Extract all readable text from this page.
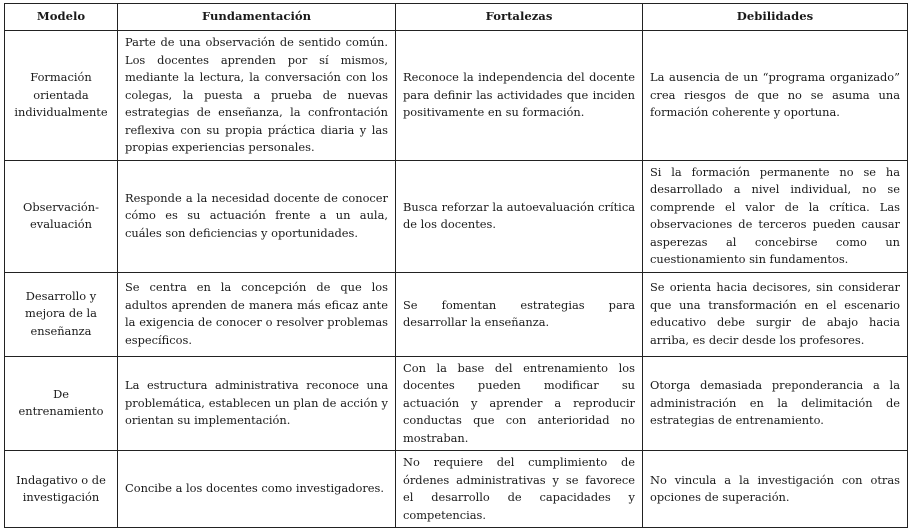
Modelo	Fundamentación	Fortalezas	Debilidades
Formación orientada individualmente	Parte de una observación de sentido común. Los docentes aprenden por sí mismos, mediante la lectura, la conversación con los colegas, la puesta a prueba de nuevas estrategias de enseñanza, la confrontación reflexiva con su propia práctica diaria y las propias experiencias personales.	Reconoce la independencia del docente para definir las actividades que inciden positivamente en su formación.	La ausencia de un “programa organizado” crea riesgos de que no se asuma una formación coherente y oportuna.
Observación-evaluación	Responde a la necesidad docente de conocer cómo es su actuación frente a un aula, cuáles son deficiencias y oportunidades.	Busca reforzar la autoevaluación crítica de los docentes.	Si la formación permanente no se ha desarrollado a nivel individual, no se comprende el valor de la crítica. Las observaciones de terceros pueden causar asperezas al concebirse como un cuestionamiento sin fundamentos.
Desarrollo y mejora de la enseñanza	Se centra en la concepción de que los adultos aprenden de manera más eficaz ante la exigencia de conocer o resolver problemas específicos.	Se fomentan estrategias para desarrollar la enseñanza.	Se orienta hacia decisores, sin considerar que una transformación en el escenario educativo debe surgir de abajo hacia arriba, es decir desde los profesores.
De entrenamiento	La estructura administrativa reconoce una problemática, establecen un plan de acción y orientan su implementación.	Con la base del entrenamiento los docentes pueden modificar su actuación y aprender a reproducir conductas que con anterioridad no mostraban.	Otorga demasiada preponderancia a la administración en la delimitación de estrategias de entrenamiento.
Indagativo o de investigación	Concibe a los docentes como investigadores.	No requiere del cumplimiento de órdenes administrativas y se favorece el desarrollo de capacidades y competencias.	No vincula a la investigación con otras opciones de superación.
